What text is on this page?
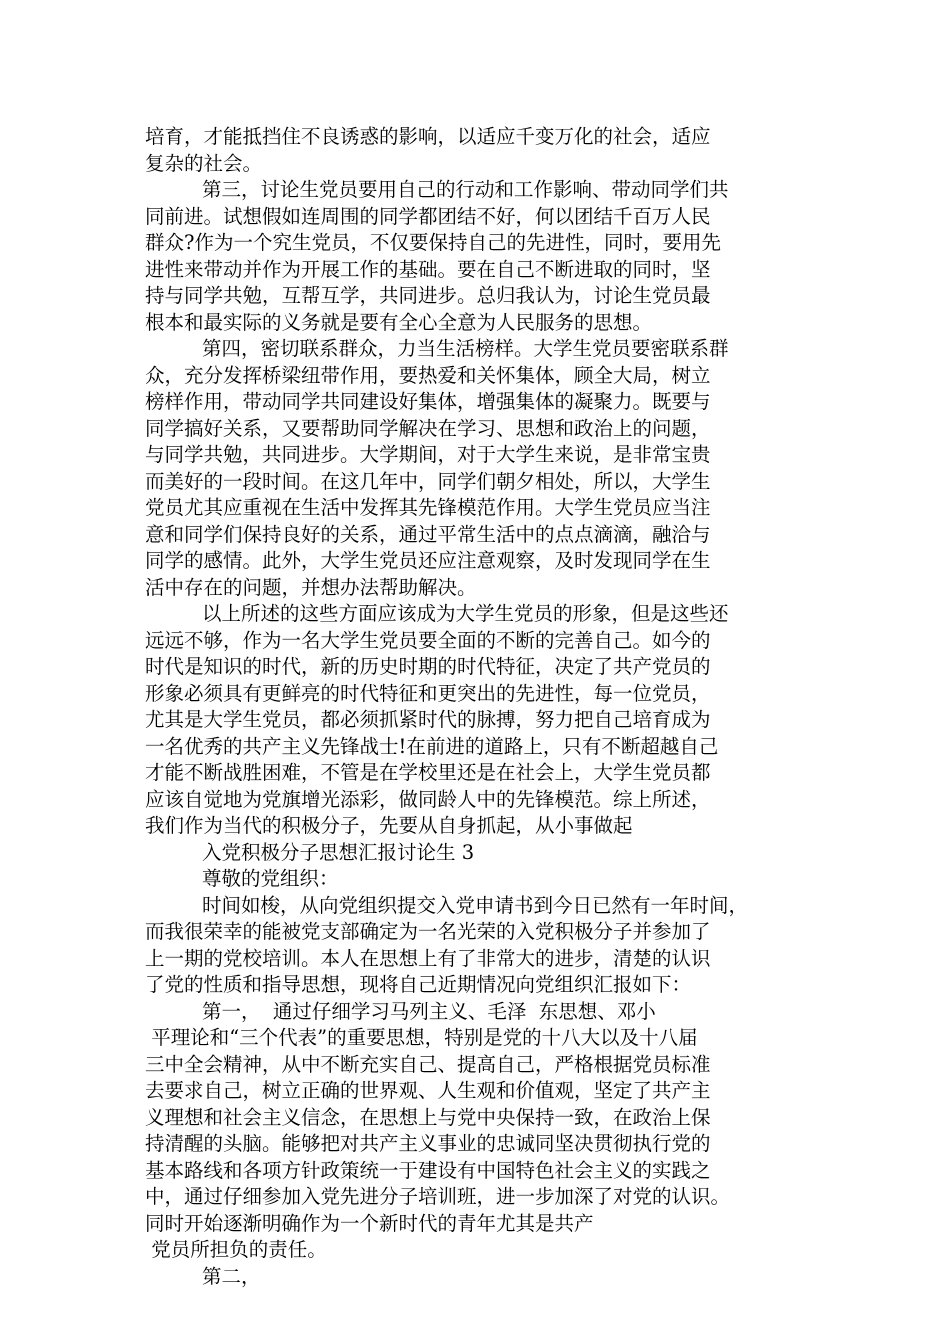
培育，才能抵挡住不良诱惑的影响，以适应千变万化的社会，适应
复杂的社会。
第三，讨论生党员要用自己的行动和工作影响、带动同学们共
同前进。试想假如连周围的同学都团结不好，何以团结千百万人民
群众?作为一个究生党员，不仅要保持自己的先进性，同时，要用先
进性来带动并作为开展工作的基础。要在自己不断进取的同时，坚
持与同学共勉，互帮互学，共同进步。总归我认为，讨论生党员最
根本和最实际的义务就是要有全心全意为人民服务的思想。
第四，密切联系群众，力当生活榜样。大学生党员要密联系群
众，充分发挥桥梁纽带作用，要热爱和关怀集体，顾全大局，树立
榜样作用，带动同学共同建设好集体，增强集体的凝聚力。既要与
同学搞好关系，又要帮助同学解决在学习、思想和政治上的问题，
与同学共勉，共同进步。大学期间，对于大学生来说，是非常宝贵
而美好的一段时间。在这几年中，同学们朝夕相处，所以，大学生
党员尤其应重视在生活中发挥其先锋模范作用。大学生党员应当注
意和同学们保持良好的关系，通过平常生活中的点点滴滴，融洽与
同学的感情。此外，大学生党员还应注意观察，及时发现同学在生
活中存在的问题，并想办法帮助解决。
以上所述的这些方面应该成为大学生党员的形象，但是这些还
远远不够，作为一名大学生党员要全面的不断的完善自己。如今的
时代是知识的时代，新的历史时期的时代特征，决定了共产党员的
形象必须具有更鲜亮的时代特征和更突出的先进性，每一位党员，
尤其是大学生党员，都必须抓紧时代的脉搏，努力把自己培育成为
一名优秀的共产主义先锋战士!在前进的道路上，只有不断超越自己
才能不断战胜困难，不管是在学校里还是在社会上，大学生党员都
应该自觉地为党旗增光添彩，做同龄人中的先锋模范。综上所述，
我们作为当代的积极分子，先要从自身抓起，从小事做起
入党积极分子思想汇报讨论生 3
尊敬的党组织：
时间如梭，从向党组织提交入党申请书到今日已然有一年时间，
而我很荣幸的能被党支部确定为一名光荣的入党积极分子并参加了
上一期的党校培训。本人在思想上有了非常大的进步，清楚的认识
了党的性质和指导思想，现将自己近期情况向党组织汇报如下：
第一，  通过仔细学习马列主义、毛泽  东思想、邓小
平理论和“三个代表”的重要思想，特别是党的十八大以及十八届
三中全会精神，从中不断充实自己、提高自己，严格根据党员标准
去要求自己，树立正确的世界观、人生观和价值观，坚定了共产主
义理想和社会主义信念，在思想上与党中央保持一致，在政治上保
持清醒的头脑。能够把对共产主义事业的忠诚同坚决贯彻执行党的
基本路线和各项方针政策统一于建设有中国特色社会主义的实践之
中，通过仔细参加入党先进分子培训班，进一步加深了对党的认识。
同时开始逐渐明确作为一个新时代的青年尤其是共产
党员所担负的责任。
第二，
